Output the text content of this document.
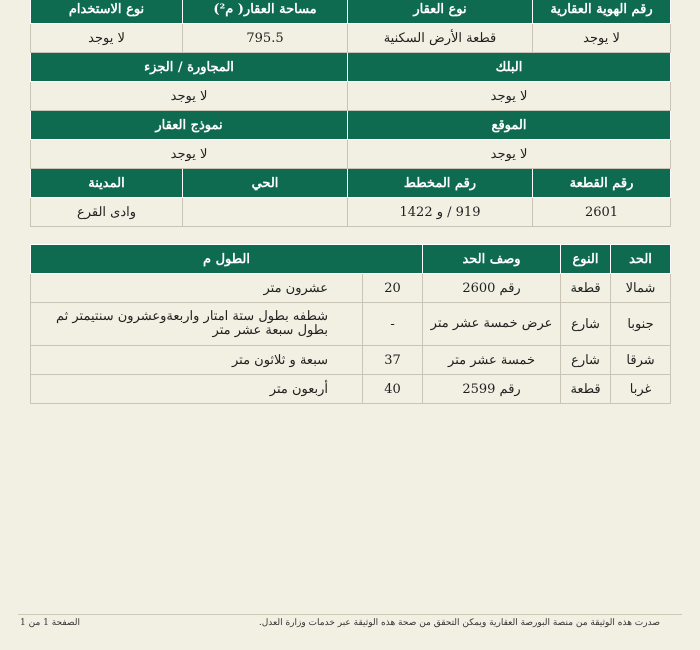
رقم الهوية العقارية	نوع العقار	مساحة العقار( م²)	نوع الاستخدام
لا يوجد	قطعة الأرض السكنية	795.5	لا يوجد
البلك		المجاورة / الجزء	
لا يوجد		لا يوجد	
الموقع		نموذج العقار	
لا يوجد		لا يوجد	
رقم القطعة	رقم المخطط	الحي	المدينة
2601	919 / و 1422		وادى القرع
الحد	النوع	وصف الحد	الطول م	
شمالا	قطعة	رقم 2600	20	عشرون متر
جنوبا	شارع	عرض خمسة عشر متر	-	شطفه بطول ستة امتار واربعةوعشرون سنتيمتر ثم بطول سبعة عشر متر
شرقا	شارع	خمسة عشر متر	37	سبعة و ثلاثون متر
غربا	قطعة	رقم 2599	40	أربعون متر
صدرت هذه الوثيقة من منصة البورصة العقارية ويمكن التحقق من صحة هذه الوثيقة عبر خدمات وزارة العدل.
الصفحة 1 من 1
